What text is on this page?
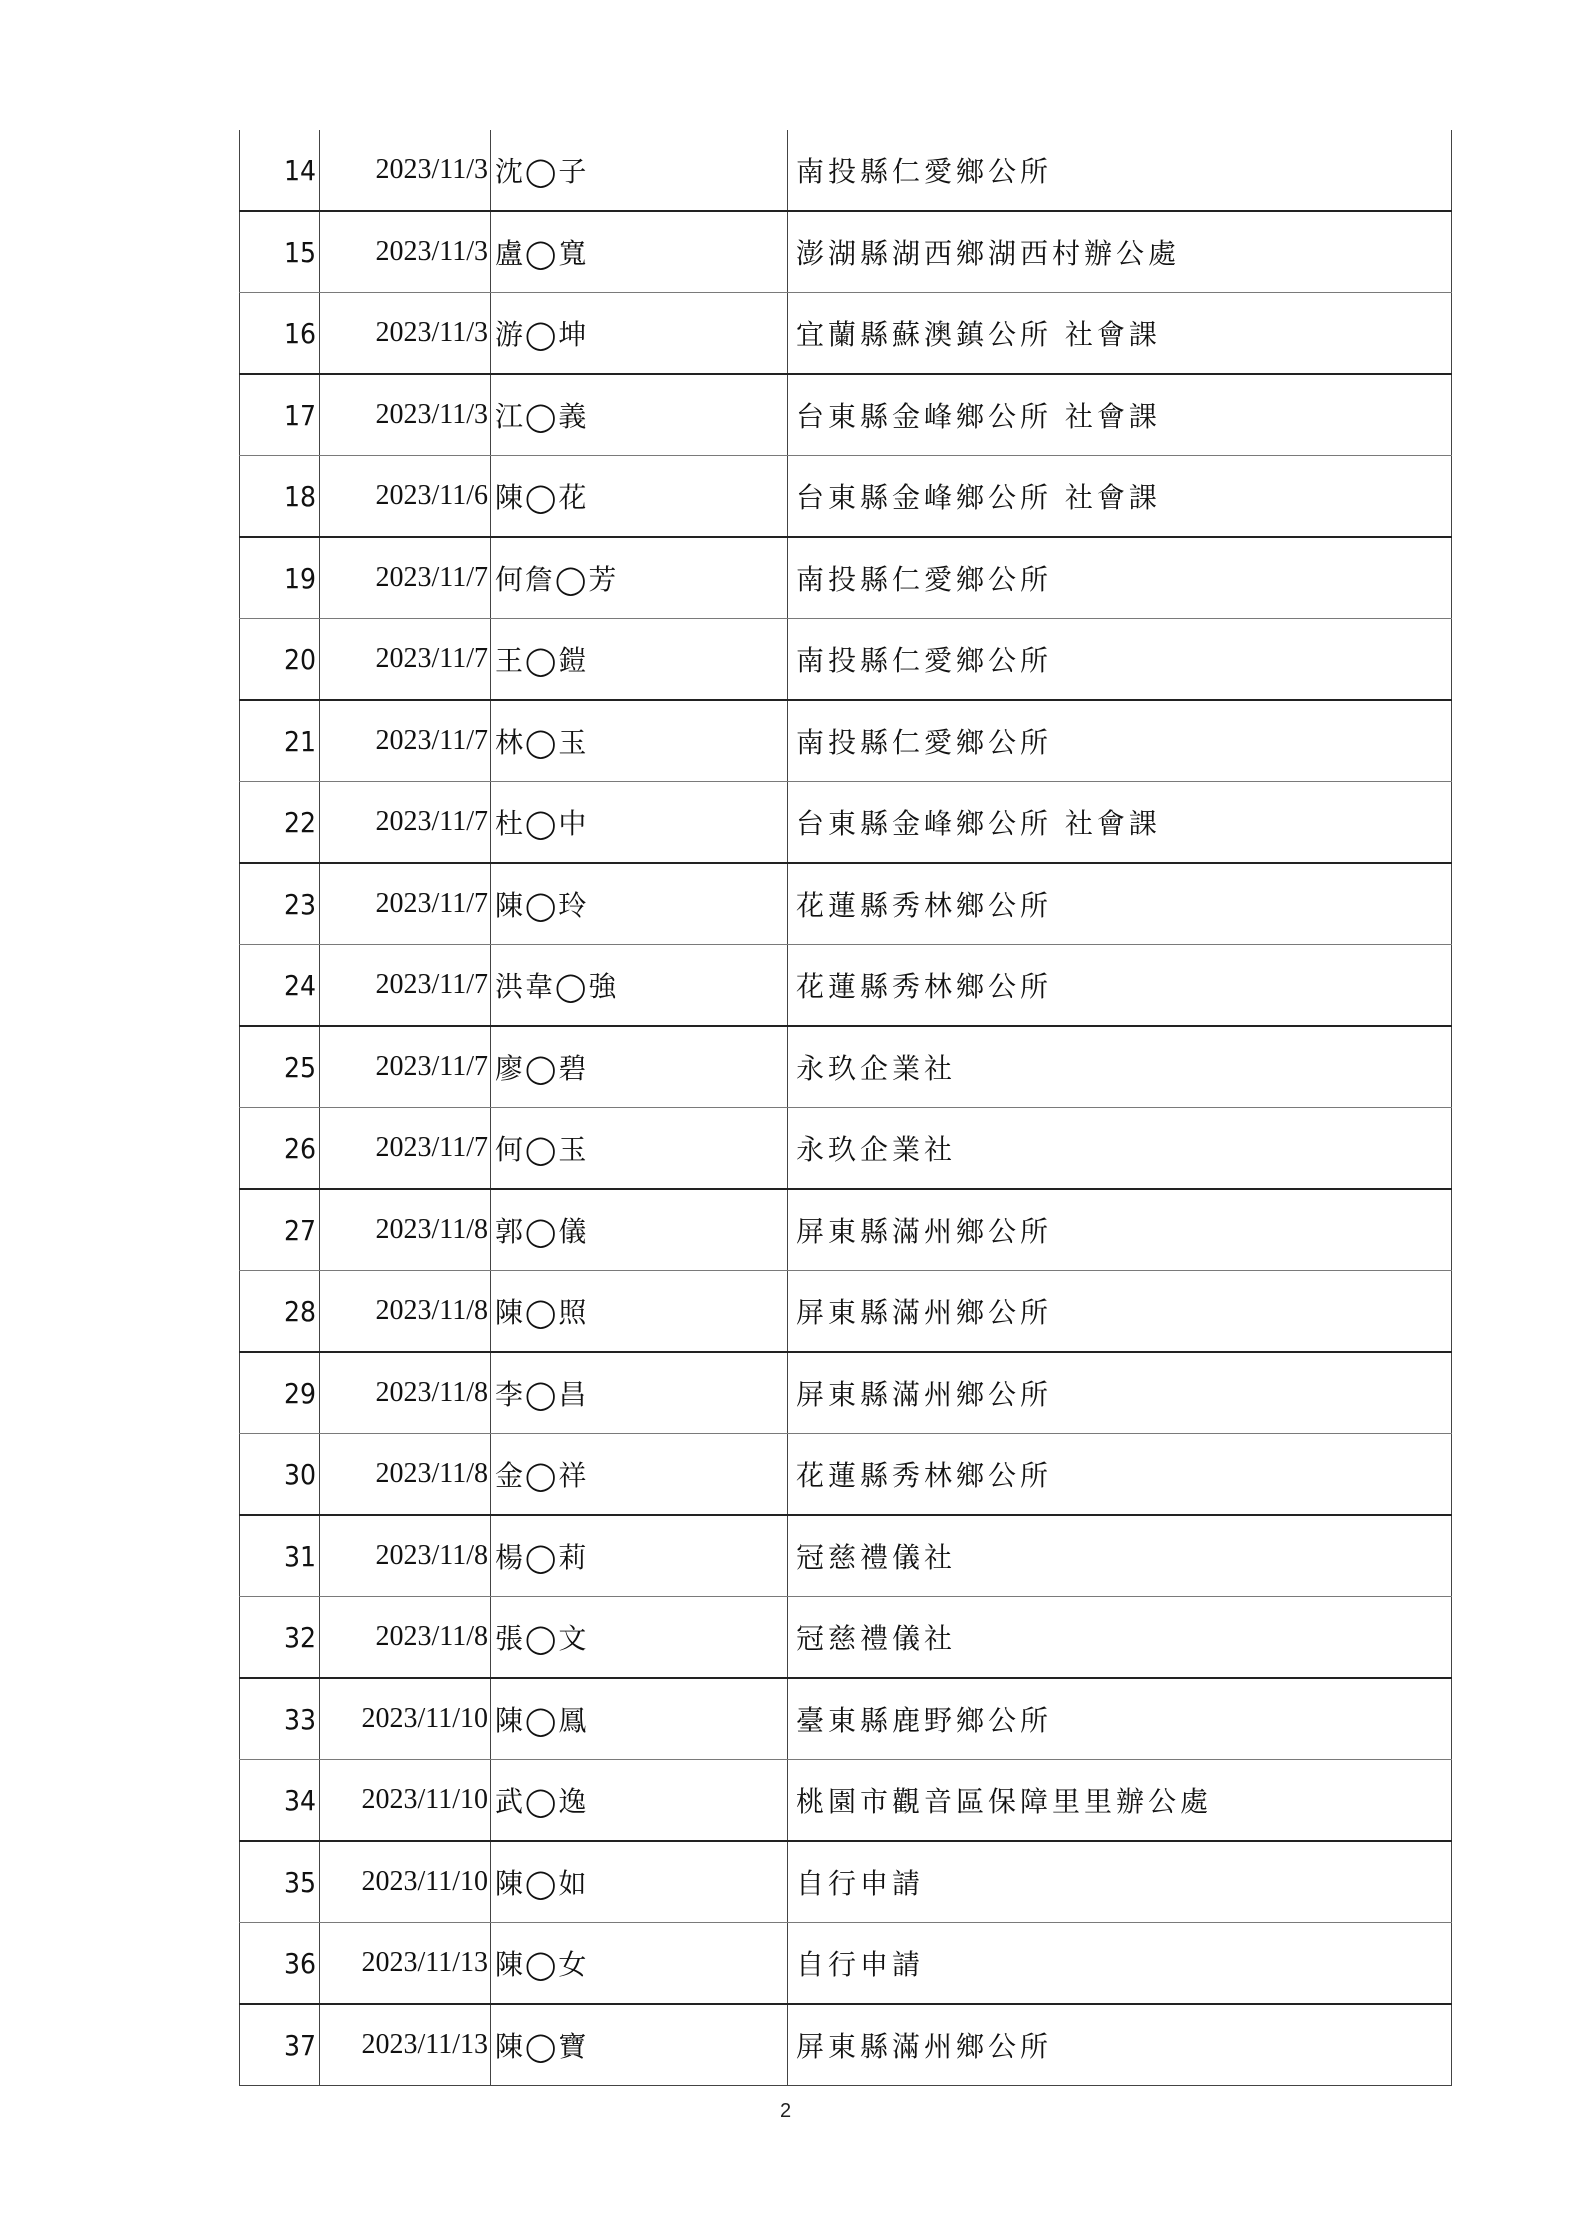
14	2023/11/3	沈◯子	南投縣仁愛鄉公所
15	2023/11/3	盧◯寬	澎湖縣湖西鄉湖西村辦公處
16	2023/11/3	游◯坤	宜蘭縣蘇澳鎮公所 社會課
17	2023/11/3	江◯義	台東縣金峰鄉公所 社會課
18	2023/11/6	陳◯花	台東縣金峰鄉公所 社會課
19	2023/11/7	何詹◯芳	南投縣仁愛鄉公所
20	2023/11/7	王◯鎧	南投縣仁愛鄉公所
21	2023/11/7	林◯玉	南投縣仁愛鄉公所
22	2023/11/7	杜◯中	台東縣金峰鄉公所 社會課
23	2023/11/7	陳◯玲	花蓮縣秀林鄉公所
24	2023/11/7	洪韋◯強	花蓮縣秀林鄉公所
25	2023/11/7	廖◯碧	永玖企業社
26	2023/11/7	何◯玉	永玖企業社
27	2023/11/8	郭◯儀	屏東縣滿州鄉公所
28	2023/11/8	陳◯照	屏東縣滿州鄉公所
29	2023/11/8	李◯昌	屏東縣滿州鄉公所
30	2023/11/8	金◯祥	花蓮縣秀林鄉公所
31	2023/11/8	楊◯莉	冠慈禮儀社
32	2023/11/8	張◯文	冠慈禮儀社
33	2023/11/10	陳◯鳳	臺東縣鹿野鄉公所
34	2023/11/10	武◯逸	桃園市觀音區保障里里辦公處
35	2023/11/10	陳◯如	自行申請
36	2023/11/13	陳◯女	自行申請
37	2023/11/13	陳◯寶	屏東縣滿州鄉公所
2
